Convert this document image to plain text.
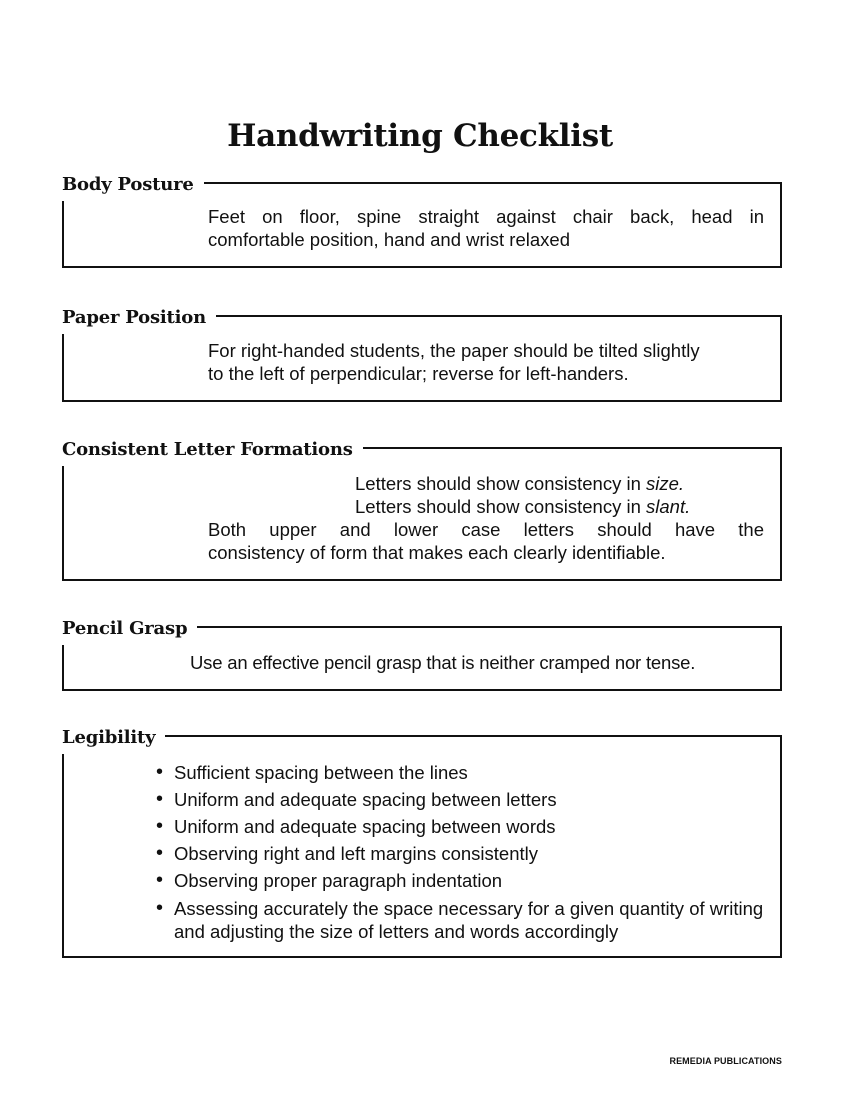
Handwriting Checklist
Body Posture
Feet on floor, spine straight against chair back, head in
comfortable position, hand and wrist relaxed
Paper Position
For right-handed students, the paper should be tilted slightly
to the left of perpendicular; reverse for left-handers.
Consistent Letter Formations
Letters should show consistency in size.
Letters should show consistency in slant.
Both upper and lower case letters should have the
consistency of form that makes each clearly identifiable.
Pencil Grasp
Use an effective pencil grasp that is neither cramped nor tense.
Legibility
• Sufficient spacing between the lines
• Uniform and adequate spacing between letters
• Uniform and adequate spacing between words
• Observing right and left margins consistently
• Observing proper paragraph indentation
• Assessing accurately the space necessary for a given quantity of writing and adjusting the size of letters and words accordingly
REMEDIA PUBLICATIONS
